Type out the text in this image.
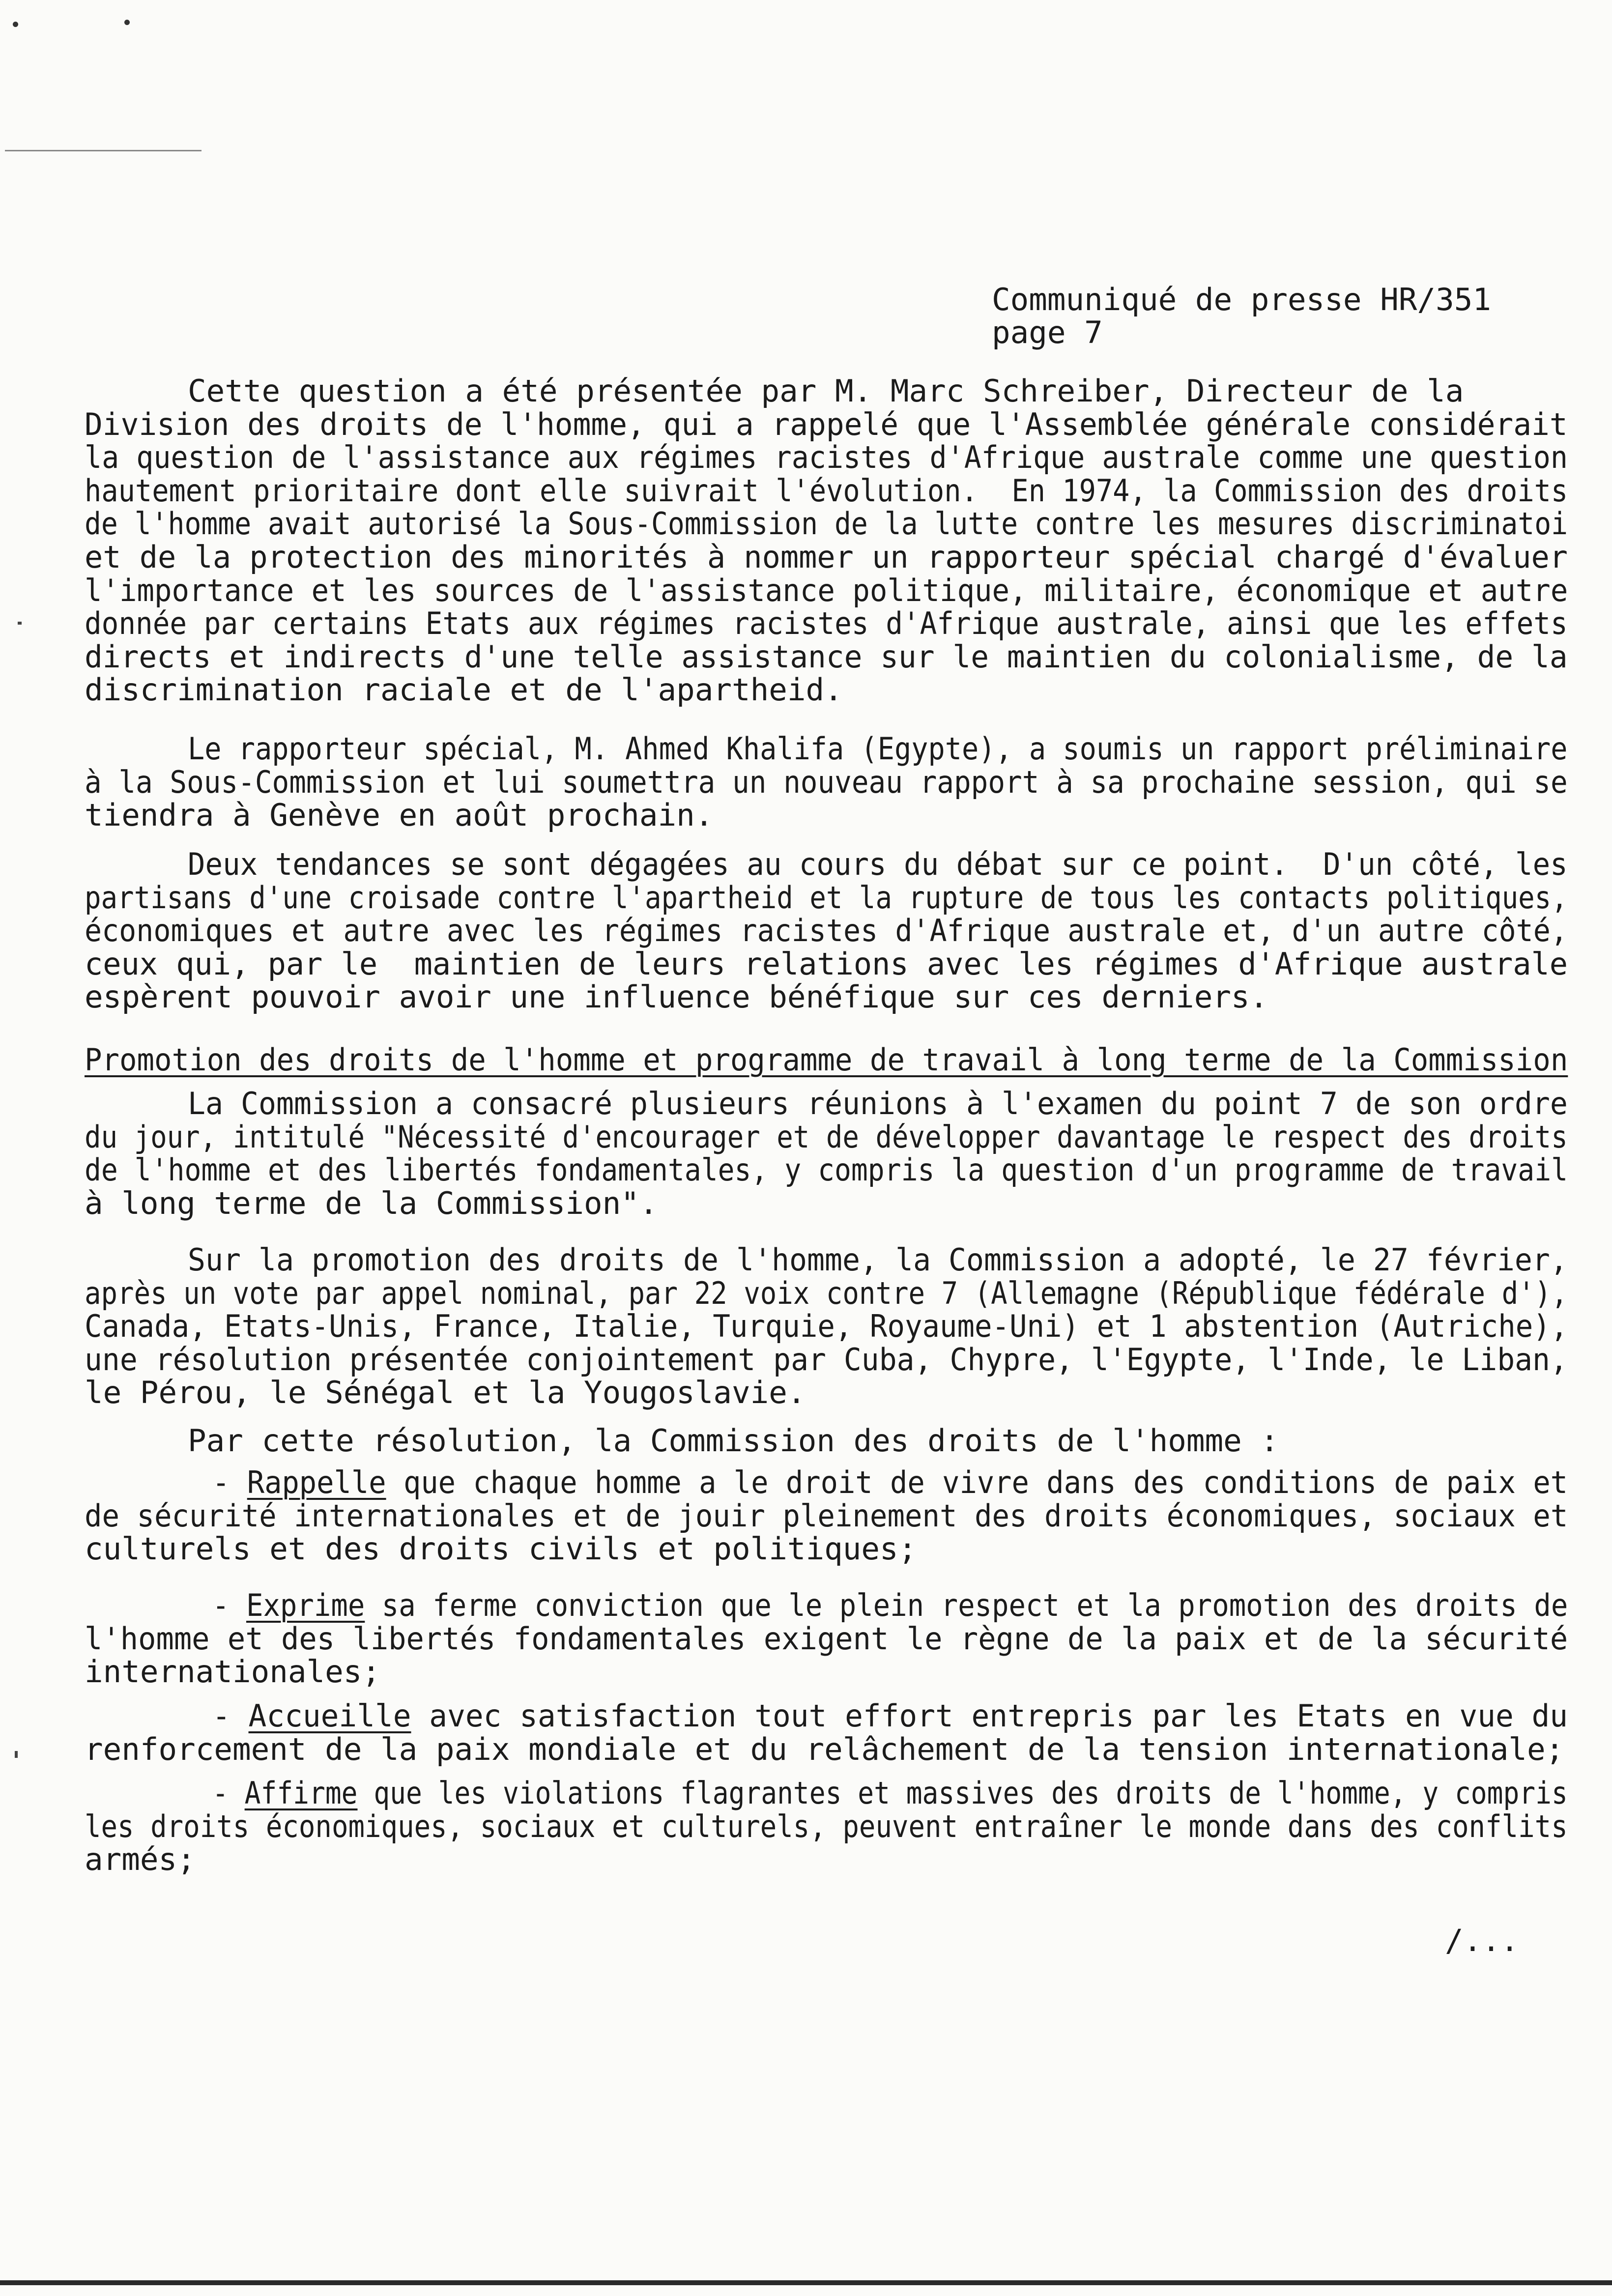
Communiqué de presse HR/351
page 7
Cette question a été présentée par M. Marc Schreiber, Directeur de la
Division des droits de l'homme, qui a rappelé que l'Assemblée générale considérait
la question de l'assistance aux régimes racistes d'Afrique australe comme une question
hautement prioritaire dont elle suivrait l'évolution.  En 1974, la Commission des droits
de l'homme avait autorisé la Sous-Commission de la lutte contre les mesures discriminatoi
et de la protection des minorités à nommer un rapporteur spécial chargé d'évaluer
l'importance et les sources de l'assistance politique, militaire, économique et autre
donnée par certains Etats aux régimes racistes d'Afrique australe, ainsi que les effets
directs et indirects d'une telle assistance sur le maintien du colonialisme, de la
discrimination raciale et de l'apartheid.
Le rapporteur spécial, M. Ahmed Khalifa (Egypte), a soumis un rapport préliminaire
à la Sous-Commission et lui soumettra un nouveau rapport à sa prochaine session, qui se
tiendra à Genève en août prochain.
Deux tendances se sont dégagées au cours du débat sur ce point.  D'un côté, les
partisans d'une croisade contre l'apartheid et la rupture de tous les contacts politiques,
économiques et autre avec les régimes racistes d'Afrique australe et, d'un autre côté,
ceux qui, par le  maintien de leurs relations avec les régimes d'Afrique australe
espèrent pouvoir avoir une influence bénéfique sur ces derniers.
La Commission a consacré plusieurs réunions à l'examen du point 7 de son ordre
du jour, intitulé "Nécessité d'encourager et de développer davantage le respect des droits
de l'homme et des libertés fondamentales, y compris la question d'un programme de travail
à long terme de la Commission".
Sur la promotion des droits de l'homme, la Commission a adopté, le 27 février,
après un vote par appel nominal, par 22 voix contre 7 (Allemagne (République fédérale d'),
Canada, Etats-Unis, France, Italie, Turquie, Royaume-Uni) et 1 abstention (Autriche),
une résolution présentée conjointement par Cuba, Chypre, l'Egypte, l'Inde, le Liban,
le Pérou, le Sénégal et la Yougoslavie.
Promotion des droits de l'homme et programme de travail à long terme de la Commission
Par cette résolution, la Commission des droits de l'homme :
- Rappelle que chaque homme a le droit de vivre dans des conditions de paix et
de sécurité internationales et de jouir pleinement des droits économiques, sociaux et
culturels et des droits civils et politiques;
- Exprime sa ferme conviction que le plein respect et la promotion des droits de
l'homme et des libertés fondamentales exigent le règne de la paix et de la sécurité
internationales;
- Accueille avec satisfaction tout effort entrepris par les Etats en vue du
renforcement de la paix mondiale et du relâchement de la tension internationale;
- Affirme que les violations flagrantes et massives des droits de l'homme, y compris
les droits économiques, sociaux et culturels, peuvent entraîner le monde dans des conflits
armés;
/...
